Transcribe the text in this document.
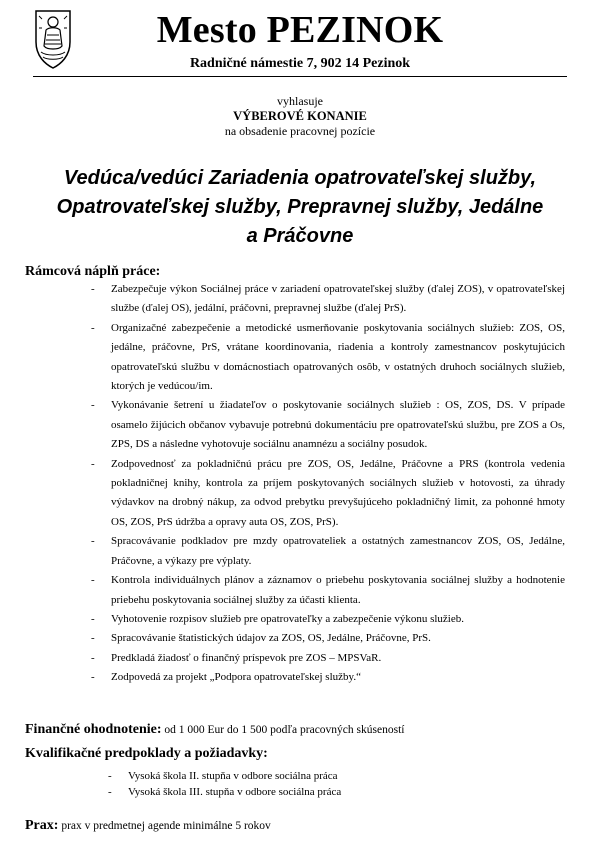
Mesto PEZINOK
Radničné námestie 7, 902 14 Pezinok
vyhlasuje
VÝBEROVÉ KONANIE
na obsadenie pracovnej pozície
Vedúca/vedúci Zariadenia opatrovateľskej služby,
Opatrovateľskej služby, Prepravnej služby, Jedálne
a Práčovne
Rámcová náplň práce:
- Zabezpečuje výkon Sociálnej práce v zariadení opatrovateľskej služby (ďalej ZOS), v opatrovateľskej službe (ďalej OS), jedální, práčovni, prepravnej službe (ďalej PrS).
- Organizačné zabezpečenie a metodické usmerňovanie poskytovania sociálnych služieb: ZOS, OS, jedálne, práčovne, PrS, vrátane koordinovania, riadenia a kontroly zamestnancov poskytujúcich opatrovateľskú službu v domácnostiach opatrovaných osôb, v ostatných druhoch sociálnych služieb, ktorých je vedúcou/im.
- Vykonávanie šetrení u žiadateľov o poskytovanie sociálnych služieb : OS, ZOS, DS. V prípade osamelo žijúcich občanov vybavuje potrebnú dokumentáciu pre opatrovateľskú službu, pre ZOS a Os, ZPS, DS a následne vyhotovuje sociálnu anamnézu a sociálny posudok.
- Zodpovednosť za pokladničnú prácu pre ZOS, OS, Jedálne, Práčovne a PRS (kontrola vedenia pokladničnej knihy, kontrola za príjem poskytovaných sociálnych služieb v hotovosti, za úhrady výdavkov na drobný nákup, za odvod prebytku prevyšujúceho pokladničný limit, za pohonné hmoty OS, ZOS, PrS údržba a opravy auta OS, ZOS, PrS).
- Spracovávanie podkladov pre mzdy opatrovateliek a ostatných zamestnancov ZOS, OS, Jedálne, Práčovne, a výkazy pre výplaty.
- Kontrola individuálnych plánov a záznamov o priebehu poskytovania sociálnej služby a hodnotenie priebehu poskytovania sociálnej služby za účasti klienta.
- Vyhotovenie rozpisov služieb pre opatrovateľky a zabezpečenie výkonu služieb.
- Spracovávanie štatistických údajov za ZOS, OS, Jedálne, Práčovne, PrS.
- Predkladá žiadosť o finančný príspevok pre ZOS – MPSVaR.
- Zodpovedá za projekt „Podpora opatrovateľskej služby.“
Finančné ohodnotenie: od 1 000 Eur do 1 500 podľa pracovných skúseností
Kvalifikačné predpoklady a požiadavky:
- Vysoká škola II. stupňa v odbore sociálna práca
- Vysoká škola III. stupňa v odbore sociálna práca
Prax: prax v predmetnej agende minimálne 5 rokov
